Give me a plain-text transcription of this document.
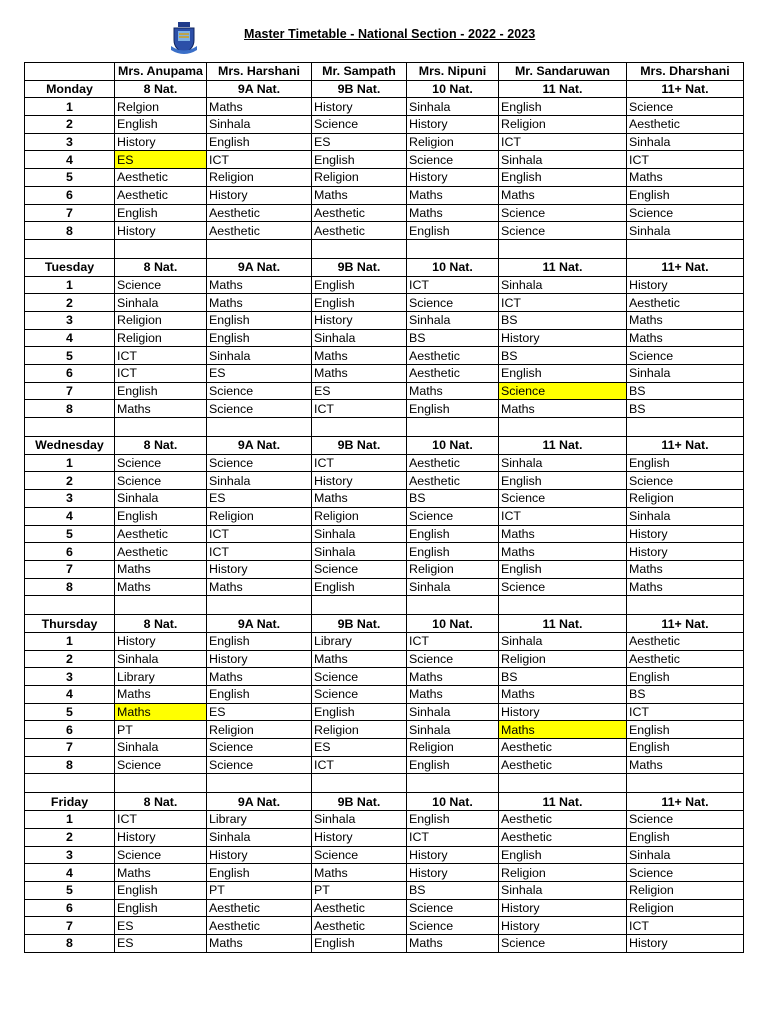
Master Timetable - National Section - 2022 - 2023
	Mrs. Anupama	Mrs. Harshani	Mr. Sampath	Mrs. Nipuni	Mr. Sandaruwan	Mrs. Dharshani
Monday	8 Nat.	9A Nat.	9B Nat.	10 Nat.	11 Nat.	11+ Nat.
1	Relgion	Maths	History	Sinhala	English	Science
2	English	Sinhala	Science	History	Religion	Aesthetic
3	History	English	ES	Religion	ICT	Sinhala
4	ES	ICT	English	Science	Sinhala	ICT
5	Aesthetic	Religion	Religion	History	English	Maths
6	Aesthetic	History	Maths	Maths	Maths	English
7	English	Aesthetic	Aesthetic	Maths	Science	Science
8	History	Aesthetic	Aesthetic	English	Science	Sinhala

Tuesday	8 Nat.	9A Nat.	9B Nat.	10 Nat.	11 Nat.	11+ Nat.
1	Science	Maths	English	ICT	Sinhala	History
2	Sinhala	Maths	English	Science	ICT	Aesthetic
3	Religion	English	History	Sinhala	BS	Maths
4	Religion	English	Sinhala	BS	History	Maths
5	ICT	Sinhala	Maths	Aesthetic	BS	Science
6	ICT	ES	Maths	Aesthetic	English	Sinhala
7	English	Science	ES	Maths	Science	BS
8	Maths	Science	ICT	English	Maths	BS

Wednesday	8 Nat.	9A Nat.	9B Nat.	10 Nat.	11 Nat.	11+ Nat.
1	Science	Science	ICT	Aesthetic	Sinhala	English
2	Science	Sinhala	History	Aesthetic	English	Science
3	Sinhala	ES	Maths	BS	Science	Religion
4	English	Religion	Religion	Science	ICT	Sinhala
5	Aesthetic	ICT	Sinhala	English	Maths	History
6	Aesthetic	ICT	Sinhala	English	Maths	History
7	Maths	History	Science	Religion	English	Maths
8	Maths	Maths	English	Sinhala	Science	Maths

Thursday	8 Nat.	9A Nat.	9B Nat.	10 Nat.	11 Nat.	11+ Nat.
1	History	English	Library	ICT	Sinhala	Aesthetic
2	Sinhala	History	Maths	Science	Religion	Aesthetic
3	Library	Maths	Science	Maths	BS	English
4	Maths	English	Science	Maths	Maths	BS
5	Maths	ES	English	Sinhala	History	ICT
6	PT	Religion	Religion	Sinhala	Maths	English
7	Sinhala	Science	ES	Religion	Aesthetic	English
8	Science	Science	ICT	English	Aesthetic	Maths

Friday	8 Nat.	9A Nat.	9B Nat.	10 Nat.	11 Nat.	11+ Nat.
1	ICT	Library	Sinhala	English	Aesthetic	Science
2	History	Sinhala	History	ICT	Aesthetic	English
3	Science	History	Science	History	English	Sinhala
4	Maths	English	Maths	History	Religion	Science
5	English	PT	PT	BS	Sinhala	Religion
6	English	Aesthetic	Aesthetic	Science	History	Religion
7	ES	Aesthetic	Aesthetic	Science	History	ICT
8	ES	Maths	English	Maths	Science	History
